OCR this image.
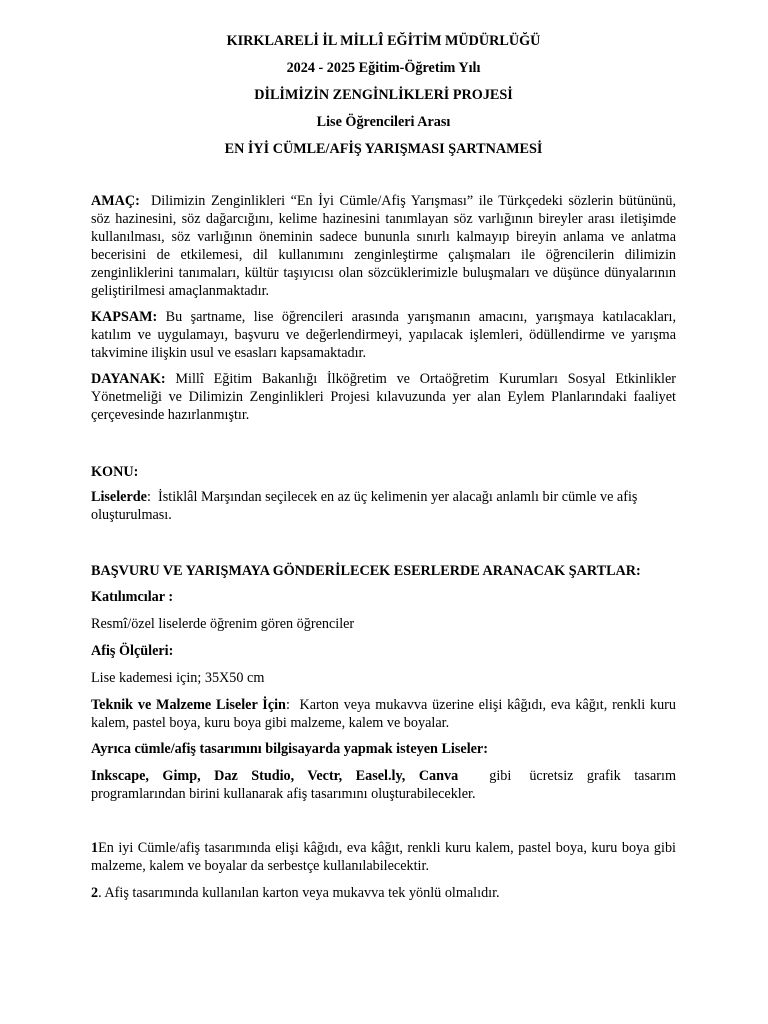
KIRKLARELİ İL MİLLÎ EĞİTİM MÜDÜRLÜĞÜ

2024 - 2025 Eğitim-Öğretim Yılı

DİLİMİZİN ZENGİNLİKLERİ PROJESİ

Lise Öğrencileri Arası

EN İYİ CÜMLE/AFİŞ YARIŞMASI ŞARTNAMESİ

AMAÇ: Dilimizin Zenginlikleri “En İyi Cümle/Afiş Yarışması” ile Türkçedeki sözlerin bütününü, söz hazinesini, söz dağarcığını, kelime hazinesini tanımlayan söz varlığının bireyler arası iletişimde kullanılması, söz varlığının öneminin sadece bununla sınırlı kalmayıp bireyin anlama ve anlatma becerisini de etkilemesi, dil kullanımını zenginleştirme çalışmaları ile öğrencilerin dilimizin zenginliklerini tanımaları, kültür taşıyıcısı olan sözcüklerimizle buluşmaları ve düşünce dünyalarının geliştirilmesi amaçlanmaktadır.

KAPSAM: Bu şartname, lise öğrencileri arasında yarışmanın amacını, yarışmaya katılacakları, katılım ve uygulamayı, başvuru ve değerlendirmeyi, yapılacak işlemleri, ödüllendirme ve yarışma takvimine ilişkin usul ve esasları kapsamaktadır.

DAYANAK: Millî Eğitim Bakanlığı İlköğretim ve Ortaöğretim Kurumları Sosyal Etkinlikler Yönetmeliği ve Dilimizin Zenginlikleri Projesi kılavuzunda yer alan Eylem Planlarındaki faaliyet çerçevesinde hazırlanmıştır.

KONU:

Liselerde:  İstiklâl Marşından seçilecek en az üç kelimenin yer alacağı anlamlı bir cümle ve afiş oluşturulması.

BAŞVURU VE YARIŞMAYA GÖNDERİLECEK ESERLERDE ARANACAK ŞARTLAR:

Katılımcılar :

Resmî/özel liselerde öğrenim gören öğrenciler

Afiş Ölçüleri:

Lise kademesi için; 35X50 cm

Teknik ve Malzeme Liseler İçin:  Karton veya mukavva üzerine elişi kâğıdı, eva kâğıt, renkli kuru kalem, pastel boya, kuru boya gibi malzeme, kalem ve boyalar.

Ayrıca cümle/afiş tasarımını bilgisayarda yapmak isteyen Liseler:

Inkscape, Gimp, Daz Studio, Vectr, Easel.ly, Canva gibi ücretsiz grafik tasarım programlarından birini kullanarak afiş tasarımını oluşturabilecekler.

1En iyi Cümle/afiş tasarımında elişi kâğıdı, eva kâğıt, renkli kuru kalem, pastel boya, kuru boya gibi malzeme, kalem ve boyalar da serbestçe kullanılabilecektir.

2. Afiş tasarımında kullanılan karton veya mukavva tek yönlü olmalıdır.
